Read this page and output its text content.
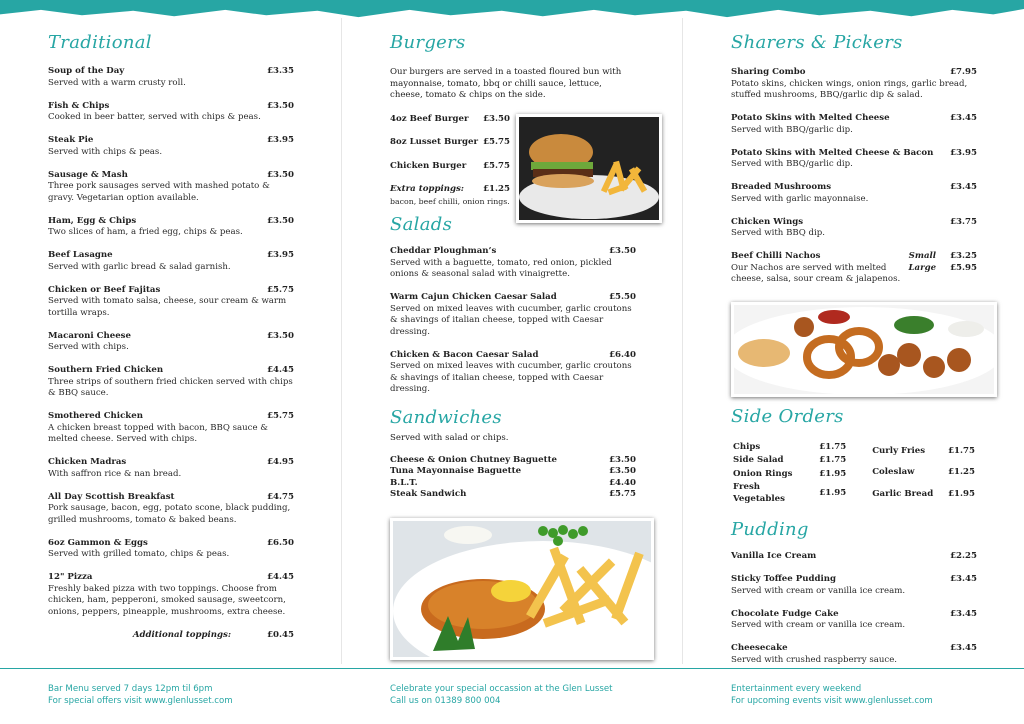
Traditional
Soup of the Day	£3.35
Served with a warm crusty roll.
Fish & Chips	£3.50
Cooked in beer batter, served with chips & peas.
Steak Pie	£3.95
Served with chips & peas.
Sausage & Mash	£3.50
Three pork sausages served with mashed potato & gravy. Vegetarian option available.
Ham, Egg & Chips	£3.50
Two slices of ham, a fried egg, chips & peas.
Beef Lasagne	£3.95
Served with garlic bread & salad garnish.
Chicken or Beef Fajitas	£5.75
Served with tomato salsa, cheese, sour cream & warm tortilla wraps.
Macaroni Cheese	£3.50
Served with chips.
Southern Fried Chicken	£4.45
Three strips of southern fried chicken served with chips & BBQ sauce.
Smothered Chicken	£5.75
A chicken breast topped with bacon, BBQ sauce & melted cheese. Served with chips.
Chicken Madras	£4.95
With saffron rice & nan bread.
All Day Scottish Breakfast	£4.75
Pork sausage, bacon, egg, potato scone, black pudding, grilled mushrooms, tomato & baked beans.
6oz Gammon & Eggs	£6.50
Served with grilled tomato, chips & peas.
12" Pizza	£4.45
Freshly baked pizza with two toppings. Choose from chicken, ham, pepperoni, smoked sausage, sweetcorn, onions, peppers, pineapple, mushrooms, extra cheese.
Additional toppings:	£0.45
Burgers
Our burgers are served in a toasted floured bun with mayonnaise, tomato, bbq or chilli sauce, lettuce, cheese, tomato & chips on the side.
4oz Beef Burger £3.50
8oz Lusset Burger £5.75
Chicken Burger £5.75
Extra toppings: £1.25
bacon, beef chilli, onion rings.
Salads
Cheddar Ploughman’s	£3.50
Served with a baguette, tomato, red onion, pickled onions & seasonal salad with vinaigrette.
Warm Cajun Chicken Caesar Salad	£5.50
Served on mixed leaves with cucumber, garlic croutons & shavings of italian cheese, topped with Caesar dressing.
Chicken & Bacon Caesar Salad	£6.40
Served on mixed leaves with cucumber, garlic croutons & shavings of italian cheese, topped with Caesar dressing.
Sandwiches
Served with salad or chips.
Cheese & Onion Chutney Baguette	£3.50
Tuna Mayonnaise Baguette	£3.50
B.L.T.	£4.40
Steak Sandwich	£5.75
Sharers & Pickers
Sharing Combo	£7.95
Potato skins, chicken wings, onion rings, garlic bread, stuffed mushrooms, BBQ/garlic dip & salad.
Potato Skins with Melted Cheese	£3.45
Served with BBQ/garlic dip.
Potato Skins with Melted Cheese & Bacon £3.95
Served with BBQ/garlic dip.
Breaded Mushrooms	£3.45
Served with garlic mayonnaise.
Chicken Wings	£3.75
Served with BBQ dip.
Beef Chilli Nachos	Small £3.25
Our Nachos are served with melted cheese, salsa, sour cream & jalapenos.
Large £5.95
Side Orders
Chips	£1.75
Side Salad	£1.75
Onion Rings	£1.95
Fresh Vegetables	£1.95
Curly Fries	£1.75
Coleslaw	£1.25
Garlic Bread	£1.95
Pudding
Vanilla Ice Cream	£2.25
Sticky Toffee Pudding	£3.45
Served with cream or vanilla ice cream.
Chocolate Fudge Cake	£3.45
Served with cream or vanilla ice cream.
Cheesecake	£3.45
Served with crushed raspberry sauce.
Bar Menu served 7 days 12pm til 6pm
For special offers visit www.glenlusset.com
Celebrate your special occassion at the Glen Lusset
Call us on 01389 800 004
Entertainment every weekend
For upcoming events visit www.glenlusset.com
